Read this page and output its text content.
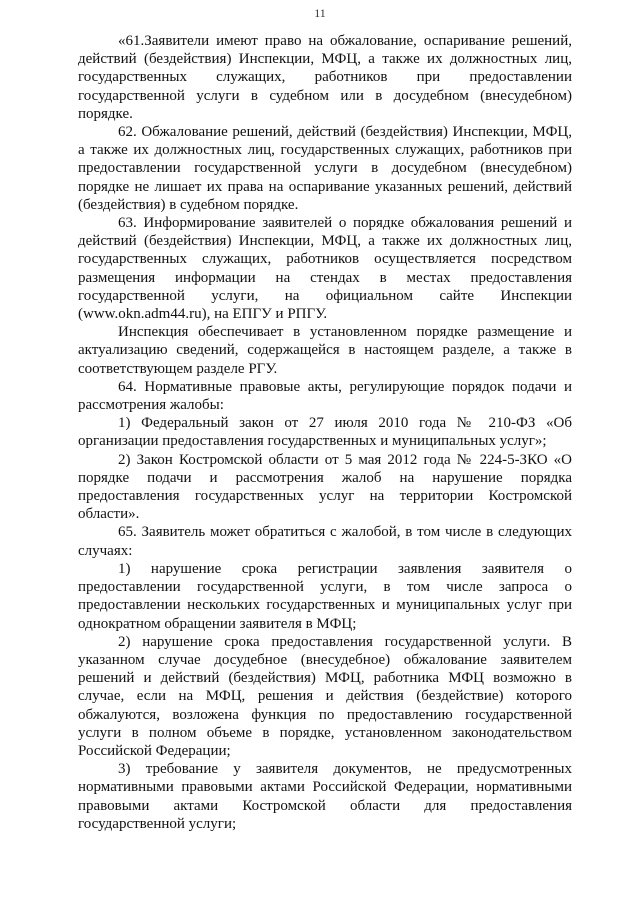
11

«61.Заявители имеют право на обжалование, оспаривание решений, действий (бездействия) Инспекции, МФЦ, а также их должностных лиц, государственных служащих, работников при предоставлении государственной услуги в судебном или в досудебном (внесудебном) порядке.

62. Обжалование решений, действий (бездействия) Инспекции, МФЦ, а также их должностных лиц, государственных служащих, работников при предоставлении государственной услуги в досудебном (внесудебном) порядке не лишает их права на оспаривание указанных решений, действий (бездействия) в судебном порядке.

63. Информирование заявителей о порядке обжалования решений и действий (бездействия) Инспекции, МФЦ, а также их должностных лиц, государственных служащих, работников осуществляется посредством размещения информации на стендах в местах предоставления государственной услуги, на официальном сайте Инспекции (www.okn.adm44.ru), на ЕПГУ и РПГУ.

Инспекция обеспечивает в установленном порядке размещение и актуализацию сведений, содержащейся в настоящем разделе, а также в соответствующем разделе РГУ.

64. Нормативные правовые акты, регулирующие порядок подачи и рассмотрения жалобы:

1) Федеральный закон от 27 июля 2010 года № 210-ФЗ «Об организации предоставления государственных и муниципальных услуг»;

2) Закон Костромской области от 5 мая 2012 года № 224-5-ЗКО «О порядке подачи и рассмотрения жалоб на нарушение порядка предоставления государственных услуг на территории Костромской области».

65. Заявитель может обратиться с жалобой, в том числе в следующих случаях:

1) нарушение срока регистрации заявления заявителя о предоставлении государственной услуги, в том числе запроса о предоставлении нескольких государственных и муниципальных услуг при однократном обращении заявителя в МФЦ;

2) нарушение срока предоставления государственной услуги. В указанном случае досудебное (внесудебное) обжалование заявителем решений и действий (бездействия) МФЦ, работника МФЦ возможно в случае, если на МФЦ, решения и действия (бездействие) которого обжалуются, возложена функция по предоставлению государственной услуги в полном объеме в порядке, установленном законодательством Российской Федерации;

3) требование у заявителя документов, не предусмотренных нормативными правовыми актами Российской Федерации, нормативными правовыми актами Костромской области для предоставления государственной услуги;
